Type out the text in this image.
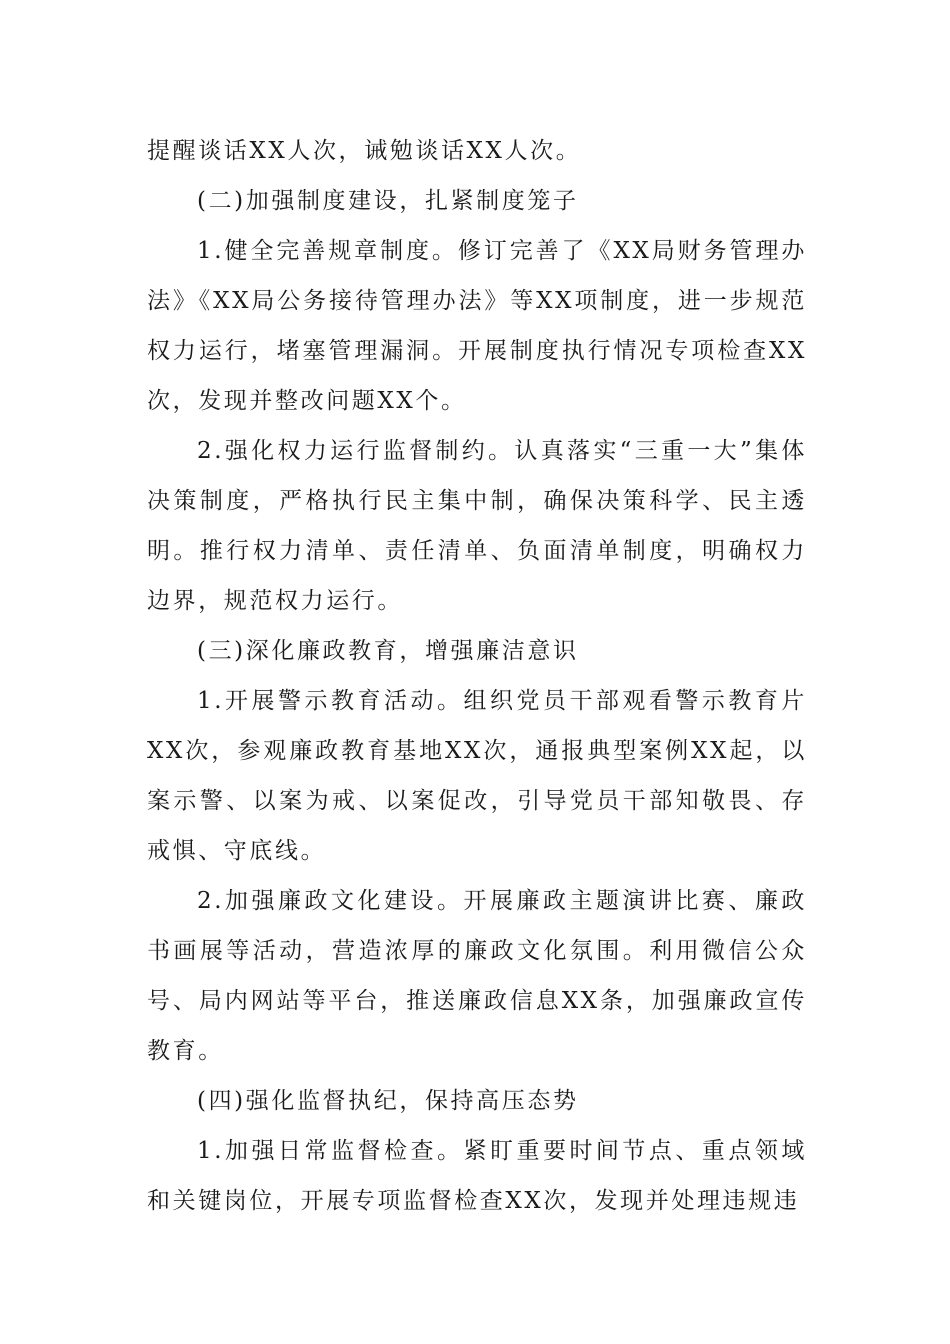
提醒谈话XX人次，诫勉谈话XX人次。

(二)加强制度建设，扎紧制度笼子

1.健全完善规章制度。修订完善了《XX局财务管理办法》《XX局公务接待管理办法》等XX项制度，进一步规范权力运行，堵塞管理漏洞。开展制度执行情况专项检查XX次，发现并整改问题XX个。

2.强化权力运行监督制约。认真落实“三重一大”集体决策制度，严格执行民主集中制，确保决策科学、民主透明。推行权力清单、责任清单、负面清单制度，明确权力边界，规范权力运行。

(三)深化廉政教育，增强廉洁意识

1.开展警示教育活动。组织党员干部观看警示教育片XX次，参观廉政教育基地XX次，通报典型案例XX起，以案示警、以案为戒、以案促改，引导党员干部知敬畏、存戒惧、守底线。

2.加强廉政文化建设。开展廉政主题演讲比赛、廉政书画展等活动，营造浓厚的廉政文化氛围。利用微信公众号、局内网站等平台，推送廉政信息XX条，加强廉政宣传教育。

(四)强化监督执纪，保持高压态势

1.加强日常监督检查。紧盯重要时间节点、重点领域和关键岗位，开展专项监督检查XX次，发现并处理违规违
